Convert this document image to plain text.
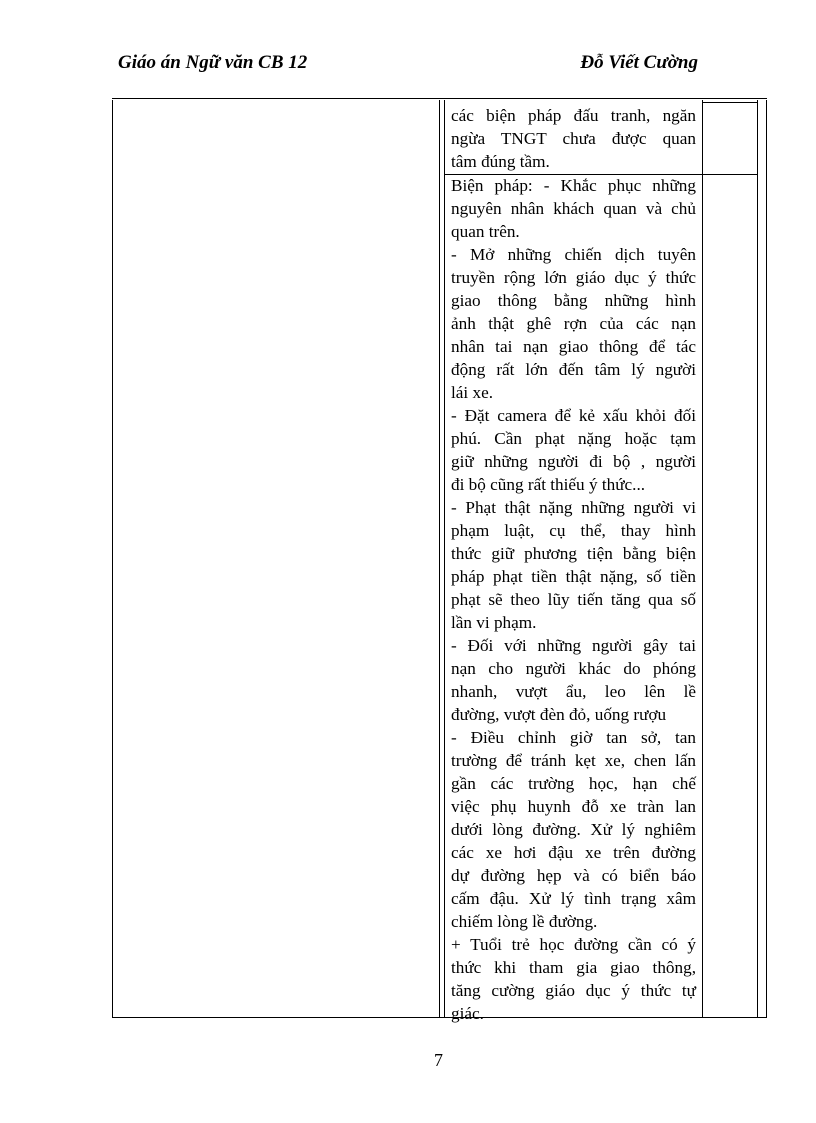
Giáo án Ngữ văn CB 12	Đỗ Viết Cường

các biện pháp đấu tranh, ngăn

ngừa TNGT chưa được quan

tâm đúng tầm.

Biện pháp: - Khắc phục những

nguyên nhân khách quan và chủ

quan trên.

- Mở những chiến dịch tuyên

truyền rộng lớn giáo dục ý thức

giao thông bằng những hình

ảnh thật ghê rợn của các nạn

nhân tai nạn giao thông để tác

động rất lớn đến tâm lý người

lái xe.

- Đặt camera để kẻ xấu khỏi đối

phú. Cần phạt nặng hoặc tạm

giữ những người đi bộ , người

đi bộ cũng rất thiếu ý thức...

- Phạt thật nặng những người vi

phạm luật, cụ thể, thay hình

thức giữ phương tiện bằng biện

pháp phạt tiền thật nặng, số tiền

phạt sẽ theo lũy tiến tăng qua số

lần vi phạm.

- Đối với những người gây tai

nạn cho người khác do phóng

nhanh, vượt ẩu, leo lên lề

đường, vượt đèn đỏ, uống rượu

- Điều chỉnh giờ tan sở, tan

trường để tránh kẹt xe, chen lấn

gần các trường học, hạn chế

việc phụ huynh đỗ xe tràn lan

dưới lòng đường. Xử lý nghiêm

các xe hơi đậu xe trên đường

dự đường hẹp và có biển báo

cấm đậu. Xử lý tình trạng xâm

chiếm lòng lề đường.

+ Tuổi trẻ học đường cần có ý

thức khi tham gia giao thông,

tăng cường giáo dục ý thức tự

giác.

7
